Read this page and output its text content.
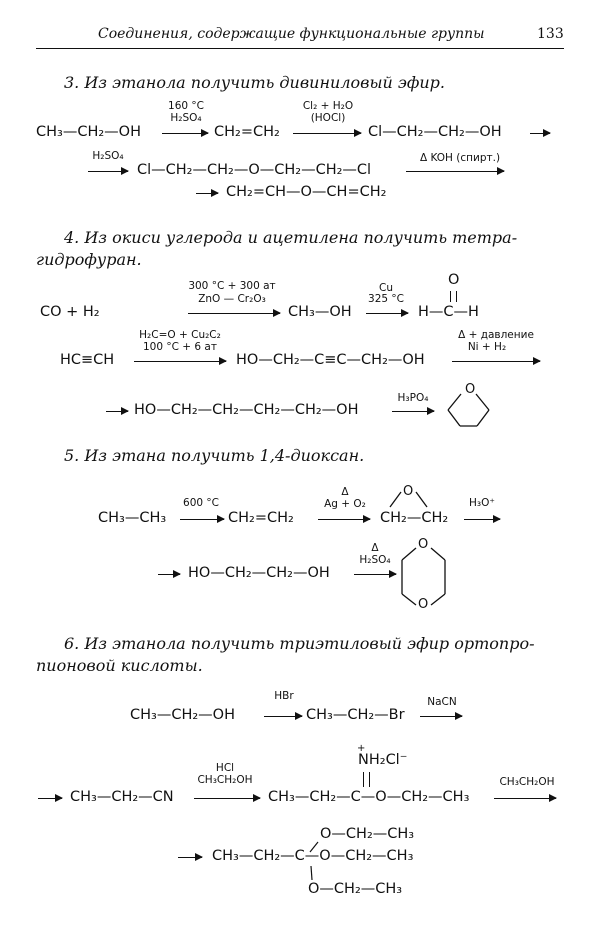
Соединения, содержащие функциональные группы	133
3. Из этанола получить дивиниловый эфир.
CH₃—CH₂—OH
160 °C
H₂SO₄
CH₂=CH₂
Cl₂ + H₂O
(HOCl)
Cl—CH₂—CH₂—OH
H₂SO₄
Cl—CH₂—CH₂—O—CH₂—CH₂—Cl
Δ KOH (спирт.)
CH₂=CH—O—CH=CH₂
4. Из окиси углерода и ацетилена получить тетра-
гидрофуран.
CO + H₂
300 °C + 300 ат
ZnO — Cr₂O₃
CH₃—OH
Cu
325 °C
O
H—C—H
HC≡CH
H₂C=O + Cu₂C₂
100 °C + 6 ат
HO—CH₂—C≡C—CH₂—OH
Δ + давление
Ni + H₂
HO—CH₂—CH₂—CH₂—CH₂—OH
H₃PO₄
O
5. Из этана получить 1,4-диоксан.
CH₃—CH₃
600 °C
CH₂=CH₂
Δ
Ag + O₂
O
CH₂—CH₂
H₃O⁺
HO—CH₂—CH₂—OH
Δ
H₂SO₄
O
O
6. Из этанола получить триэтиловый эфир ортопро-
пионовой кислоты.
CH₃—CH₂—OH
HBr
CH₃—CH₂—Br
NaCN
CH₃—CH₂—CN
HCl
CH₃CH₂OH
+
NH₂Cl⁻
CH₃—CH₂—C—O—CH₂—CH₃
CH₃CH₂OH
O—CH₂—CH₃
CH₃—CH₂—C—O—CH₂—CH₃
O—CH₂—CH₃
